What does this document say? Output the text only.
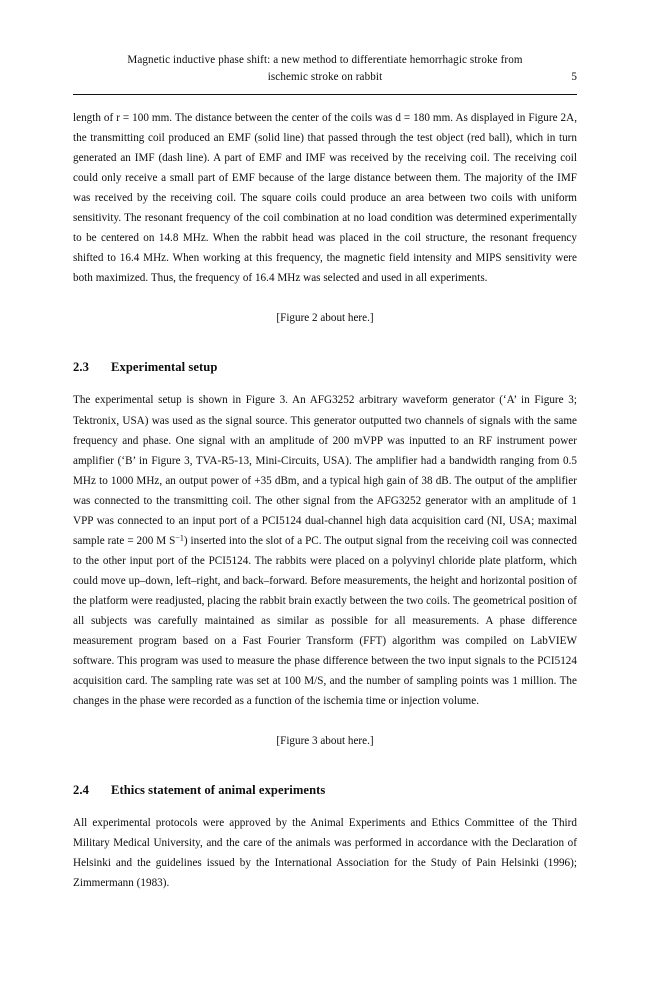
Magnetic inductive phase shift: a new method to differentiate hemorrhagic stroke from
ischemic stroke on rabbit	5

length of r = 100 mm. The distance between the center of the coils was d = 180 mm. As displayed in Figure 2A, the transmitting coil produced an EMF (solid line) that passed through the test object (red ball), which in turn generated an IMF (dash line). A part of EMF and IMF was received by the receiving coil. The receiving coil could only receive a small part of EMF because of the large distance between them. The majority of the IMF was received by the receiving coil. The square coils could produce an area between two coils with uniform sensitivity. The resonant frequency of the coil combination at no load condition was determined experimentally to be centered on 14.8 MHz. When the rabbit head was placed in the coil structure, the resonant frequency shifted to 16.4 MHz. When working at this frequency, the magnetic field intensity and MIPS sensitivity were both maximized. Thus, the frequency of 16.4 MHz was selected and used in all experiments.

[Figure 2 about here.]

2.3 Experimental setup

The experimental setup is shown in Figure 3. An AFG3252 arbitrary waveform generator (‘A’ in Figure 3; Tektronix, USA) was used as the signal source. This generator outputted two channels of signals with the same frequency and phase. One signal with an amplitude of 200 mVPP was inputted to an RF instrument power amplifier (‘B’ in Figure 3, TVA-R5-13, Mini-Circuits, USA). The amplifier had a bandwidth ranging from 0.5 MHz to 1000 MHz, an output power of +35 dBm, and a typical high gain of 38 dB. The output of the amplifier was connected to the transmitting coil. The other signal from the AFG3252 generator with an amplitude of 1 VPP was connected to an input port of a PCI5124 dual-channel high data acquisition card (NI, USA; maximal sample rate = 200 M $S^{-1}$) inserted into the slot of a PC. The output signal from the receiving coil was connected to the other input port of the PCI5124. The rabbits were placed on a polyvinyl chloride plate platform, which could move up–down, left–right, and back–forward. Before measurements, the height and horizontal position of the platform were readjusted, placing the rabbit brain exactly between the two coils. The geometrical position of all subjects was carefully maintained as similar as possible for all measurements. A phase difference measurement program based on a Fast Fourier Transform (FFT) algorithm was compiled on LabVIEW software. This program was used to measure the phase difference between the two input signals to the PCI5124 acquisition card. The sampling rate was set at 100 M/S, and the number of sampling points was 1 million. The changes in the phase were recorded as a function of the ischemia time or injection volume.

[Figure 3 about here.]

2.4 Ethics statement of animal experiments

All experimental protocols were approved by the Animal Experiments and Ethics Committee of the Third Military Medical University, and the care of the animals was performed in accordance with the Declaration of Helsinki and the guidelines issued by the International Association for the Study of Pain Helsinki (1996); Zimmermann (1983).
